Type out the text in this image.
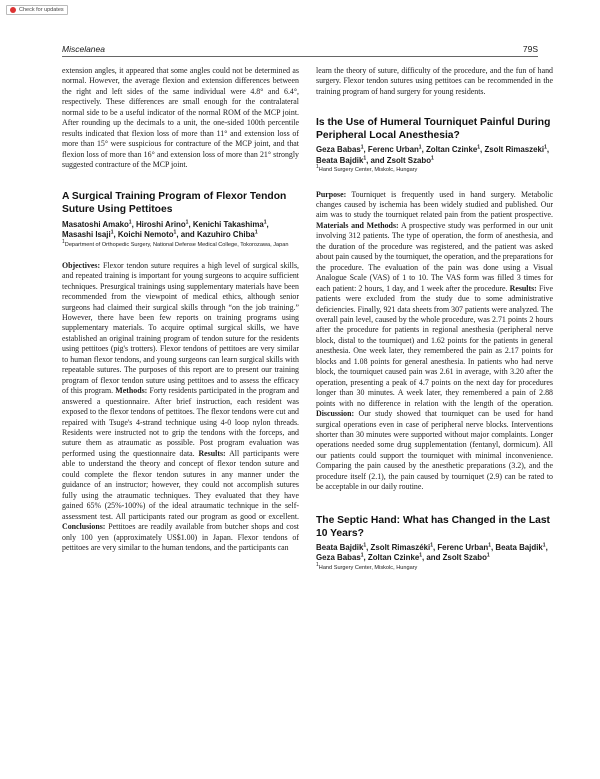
Check for updates
Miscelanea	79S

extension angles, it appeared that some angles could not be determined as normal. However, the average flexion and extension differences between the right and left sides of the same individual were 4.8° and 6.4°, respectively. These differences are small enough for the contralateral normal side to be a useful indicator of the normal ROM of the MCP joint. After rounding up the decimals to a unit, the one-sided 100th percentile results indicated that flexion loss of more than 11° and extension loss of more than 15° were suspicious for contracture of the MCP joint, and that flexion loss of more than 16° and extension loss of more than 21° strongly suggested contracture of the MCP joint.

A Surgical Training Program of Flexor Tendon Suture Using Pettitoes

Masatoshi Amako$^1$, Hiroshi Arino$^1$, Kenichi Takashima$^1$, Masashi Isaji$^1$, Koichi Nemoto$^1$, and Kazuhiro Chiba$^1$

$^1$Department of Orthopedic Surgery, National Defense Medical College, Tokorozawa, Japan

Objectives: Flexor tendon suture requires a high level of surgical skills, and repeated training is important for young surgeons to acquire sufficient techniques. Presurgical trainings using supplementary materials have been recommended from the viewpoint of medical ethics, although senior surgeons had claimed their surgical skills through “on the job training.” However, there have been few reports on training programs using supplementary materials. To acquire optimal surgical skills, we have established an original training program of tendon suture for the residents using pettitoes (pig's trotters). Flexor tendons of pettitoes are very similar to human flexor tendons, and young surgeons can learn surgical skills with repeatable sutures. The purposes of this report are to present our training program of flexor tendon suture using pettitoes and to assess the efficacy of this program. Methods: Forty residents participated in the program and answered a questionnaire. After brief instruction, each resident was exposed to the flexor tendons of pettitoes. The flexor tendons were cut and repaired with Tsuge's 4-strand technique using 4-0 loop nylon threads. Residents were instructed not to grip the tendons with the forceps, and suture them as atraumatic as possible. Post program evaluation was performed using the questionnaire data. Results: All participants were able to understand the theory and concept of flexor tendon suture and could complete the flexor tendon sutures in any manner under the guidance of an instructor; however, they could not accomplish sutures fully using the atraumatic techniques. They evaluated that they have gained 65% (25%-100%) of the ideal atraumatic technique in the self-assessment test. All participants rated our program as good or excellent. Conclusions: Pettitoes are readily available from butcher shops and cost only 100 yen (approximately US$1.00) in Japan. Flexor tendons of pettitoes are very similar to the human tendons, and the participants can

learn the theory of suture, difficulty of the procedure, and the fun of hand surgery. Flexor tendon sutures using pettitoes can be recommended in the training program of hand surgery for young residents.

Is the Use of Humeral Tourniquet Painful During Peripheral Local Anesthesia?

Geza Babas$^1$, Ferenc Urban$^1$, Zoltan Czinke$^1$, Zsolt Rimaszeki$^1$, Beata Bajdik$^1$, and Zsolt Szabo$^1$

$^1$Hand Surgery Center, Miskolc, Hungary

Purpose: Tourniquet is frequently used in hand surgery. Metabolic changes caused by ischemia has been widely studied and published. Our aim was to study the tourniquet related pain from the patient prospective. Materials and Methods: A prospective study was performed in our unit involving 312 patients. The type of operation, the form of anesthesia, and the duration of the procedure was registered, and the patient was asked about pain caused by the tourniquet, the operation, and the preparations for the procedure. The evaluation of the pain was done using a Visual Analogue Scale (VAS) of 1 to 10. The VAS form was filled 3 times for each patient: 2 hours, 1 day, and 1 week after the procedure. Results: Five patients were excluded from the study due to some administrative deficiencies. Finally, 921 data sheets from 307 patients were analyzed. The overall pain level, caused by the whole procedure, was 2.71 points 2 hours after the procedure for patients in regional anesthesia (peripheral nerve block, distal to the tourniquet) and 1.62 points for the patients in general anesthesia. One week later, they remembered the pain as 2.17 points for blocks and 1.08 points for general anesthesia. In patients who had nerve block, the tourniquet caused pain was 2.61 in average, with 3.20 after the operation, presenting a peak of 4.7 points on the next day for procedures longer than 30 minutes. A week later, they remembered a pain of 2.88 points with no difference in relation with the length of the operation. Discussion: Our study showed that tourniquet can be used for hand surgical operations even in case of peripheral nerve blocks. Interventions shorter than 30 minutes were supported without major complaints. Longer operations needed some drug supplementation (fentanyl, dormicum). All our patients could support the tourniquet with minimal inconvenience. Comparing the pain caused by the anesthetic preparations (3.2), and the procedure itself (2.1), the pain caused by tourniquet (2.9) can be rated to be acceptable in our daily routine.

The Septic Hand: What has Changed in the Last 10 Years?

Beata Bajdik$^1$, Zsolt Rimaszéki$^1$, Ferenc Urban$^1$, Beata Bajdik$^1$, Geza Babas$^1$, Zoltan Czinke$^1$, and Zsolt Szabo$^1$

$^1$Hand Surgery Center, Miskolc, Hungary
